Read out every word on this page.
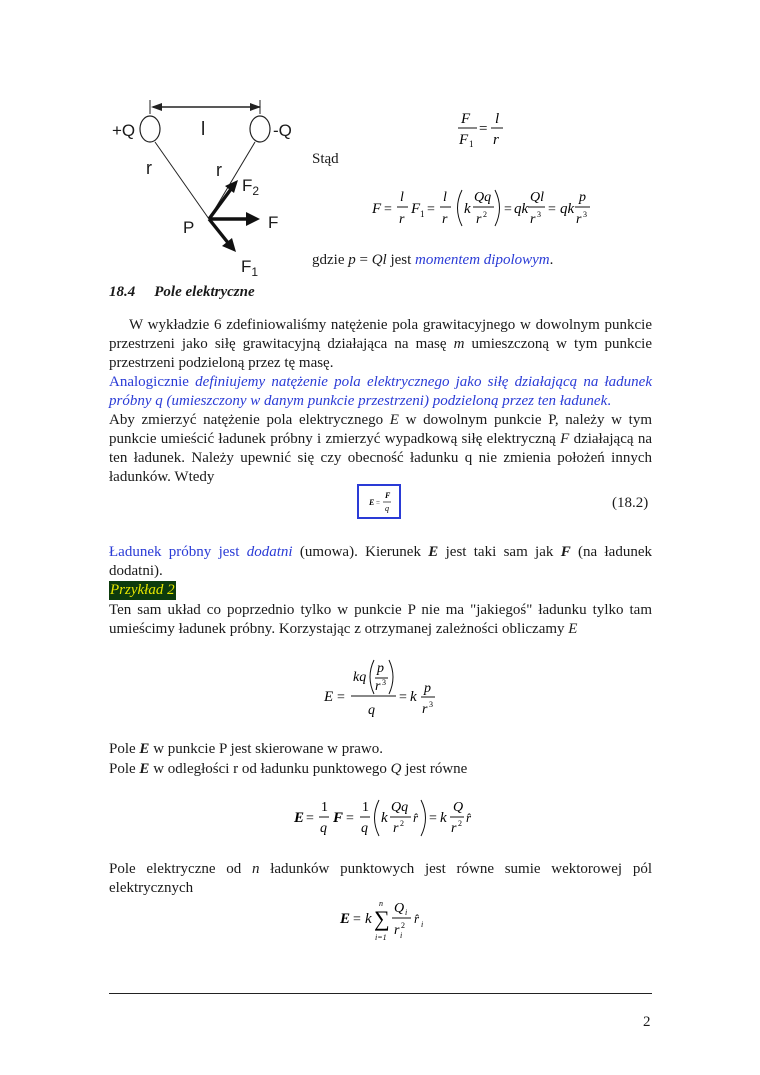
+Q	-Q
l
r	r
$F_2$
F
P
$F_1$
F
F 1
=
l
r
Stąd
F =
l
r
F 1 =
l
r
k
Qq
r 2 = qk
Ql
r 3 = qk
p
r 3
gdzie p = Ql jest momentem dipolowym.
18.4 Pole elektryczne
W wykładzie 6 zdefiniowaliśmy natężenie pola grawitacyjnego w dowolnym punkcie przestrzeni jako siłę grawitacyjną działająca na masę m umieszczoną w tym punkcie przestrzeni podzieloną przez tę masę.
Analogicznie definiujemy natężenie pola elektrycznego jako siłę działającą na ładunek próbny q (umieszczony w danym punkcie przestrzeni) podzieloną przez ten ładunek.
Aby zmierzyć natężenie pola elektrycznego E w dowolnym punkcie P, należy w tym punkcie umieścić ładunek próbny i zmierzyć wypadkową siłę elektryczną F działającą na ten ładunek. Należy upewnić się czy obecność ładunku q nie zmienia położeń innych ładunków. Wtedy
E =
F
q	(18.2)
Ładunek próbny jest dodatni (umowa). Kierunek E jest taki sam jak F (na ładunek dodatni).
Przykład 2
Ten sam układ co poprzednio tylko w punkcie P nie ma "jakiegoś" ładunku tylko tam umieścimy ładunek próbny. Korzystając z otrzymanej zależności obliczamy E
E =
kq
p
r 3
q
= k
p
r 3
Pole E w punkcie P jest skierowane w prawo.
Pole E w odległości r od ładunku punktowego Q jest równe
E =
1
q
F =
1
q
k
Qq
r 2 r̂ = k
Q
r 2 r̂
Pole elektryczne od n ładunków punktowych jest równe sumie wektorowej pól elektrycznych
E = k ∑
n
i=1
Q i
r 2
i
r̂ i
2
